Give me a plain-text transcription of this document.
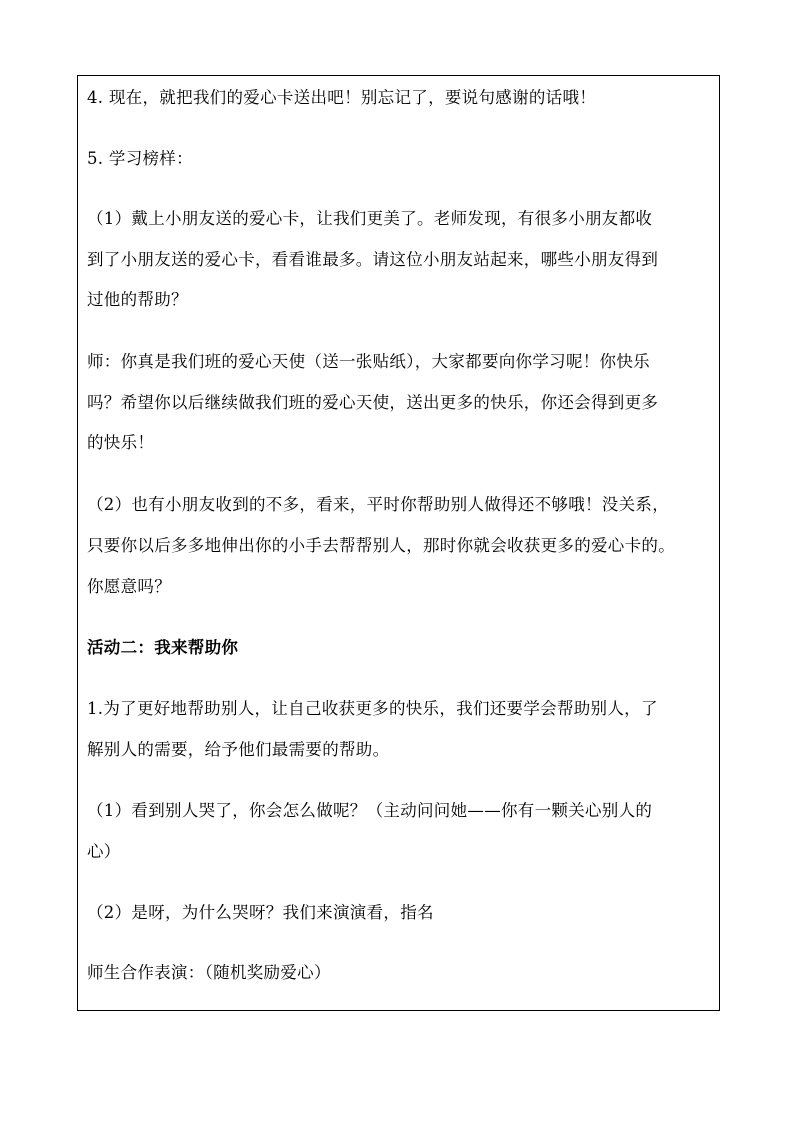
4. 现在，就把我们的爱心卡送出吧！别忘记了，要说句感谢的话哦！
5. 学习榜样：
（1）戴上小朋友送的爱心卡，让我们更美了。老师发现，有很多小朋友都收
到了小朋友送的爱心卡，看看谁最多。请这位小朋友站起来，哪些小朋友得到
过他的帮助？
师：你真是我们班的爱心天使（送一张贴纸），大家都要向你学习呢！你快乐
吗？希望你以后继续做我们班的爱心天使，送出更多的快乐，你还会得到更多
的快乐！
（2）也有小朋友收到的不多，看来，平时你帮助别人做得还不够哦！没关系，
只要你以后多多地伸出你的小手去帮帮别人，那时你就会收获更多的爱心卡的。
你愿意吗？
活动二：我来帮助你
1.为了更好地帮助别人，让自己收获更多的快乐，我们还要学会帮助别人，了
解别人的需要，给予他们最需要的帮助。
（1）看到别人哭了，你会怎么做呢？（主动问问她——你有一颗关心别人的
心）
（2）是呀，为什么哭呀？我们来演演看，指名
师生合作表演：（随机奖励爱心）
